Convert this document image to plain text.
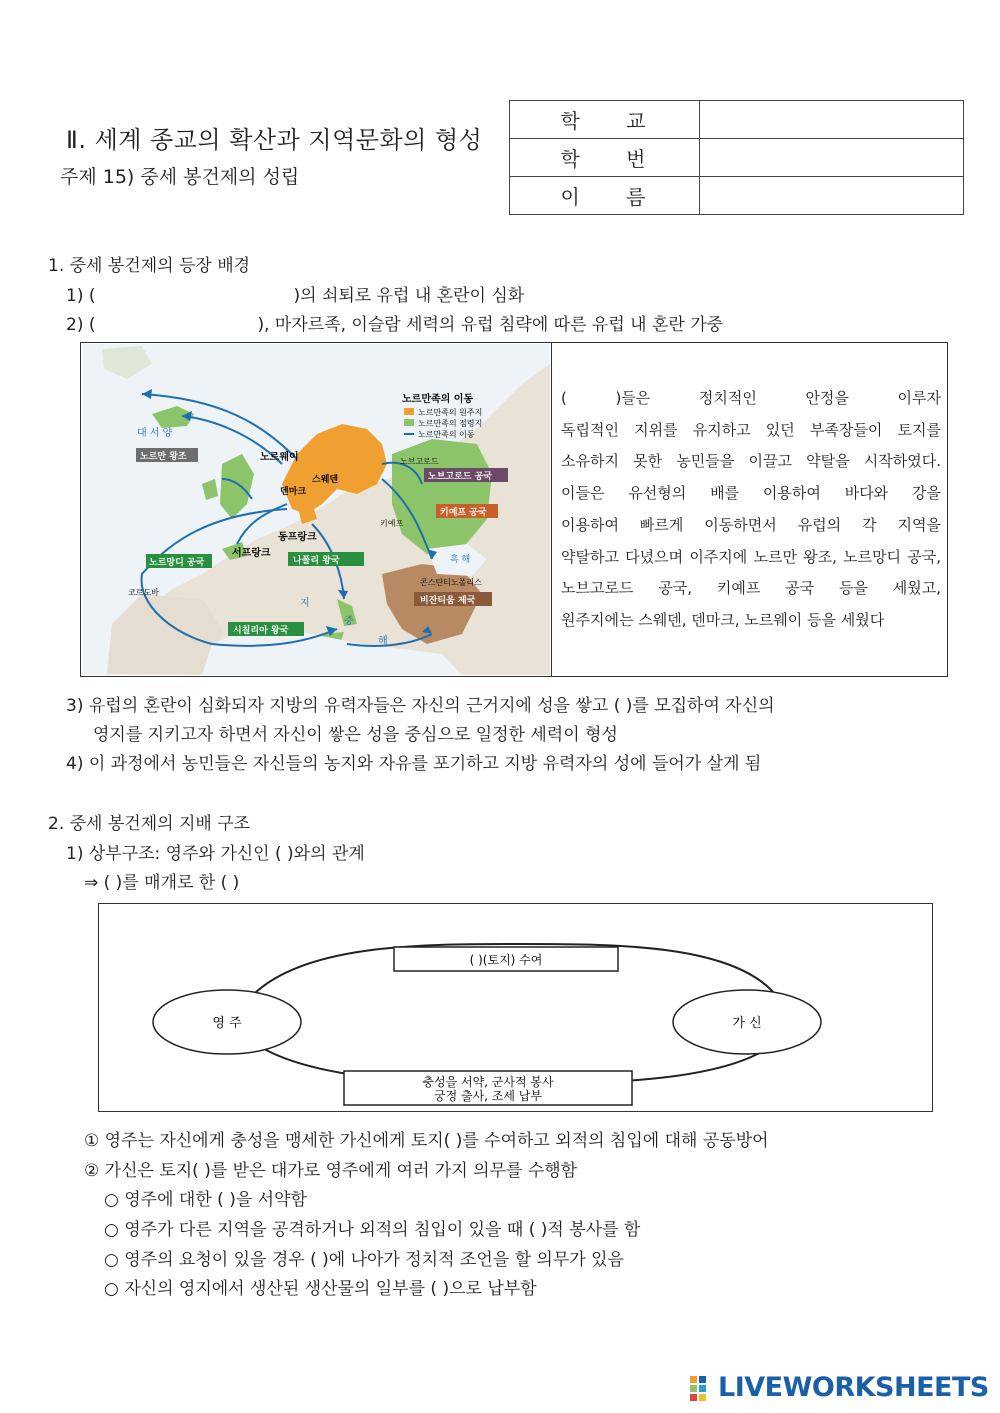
Ⅱ. 세계 종교의 확산과 지역문화의 형성
주제 15) 중세 봉건제의 성립
학 교	
학 번	
이 름	
1. 중세 봉건제의 등장 배경
1) (	)의 쇠퇴로 유럽 내 혼란이 심화
2) (	), 마자르족, 이슬람 세력의 유럽 침략에 따른 유럽 내 혼란 가중
노르만족의 이동
노르만족의 원주지
노르만족의 점령지
노르만족의 이동
대 서 양
노르만 왕조	노르웨이
스웨덴
덴마크
노브고로드
노브고로드 공국
키예프
키예프 공국
동프랑크
서프랑크
노르망디 공국	나폴리 왕국	흑 해
콘스탄티노폴리스
비잔티움 제국
코르도바
시칠리아 왕국
지
중
해
( )들은 정치적인 안정을 이루자
독립적인 지위를 유지하고 있던 부족장들이 토지를
소유하지 못한 농민들을 이끌고 약탈을 시작하였다.
이들은 유선형의 배를 이용하여 바다와 강을
이용하여 빠르게 이동하면서 유럽의 각 지역을
약탈하고 다녔으며 이주지에 노르만 왕조, 노르망디 공국,
노브고로드 공국, 키예프 공국 등을 세웠고,
원주지에는 스웨덴, 덴마크, 노르웨이 등을 세웠다
3) 유럽의 혼란이 심화되자 지방의 유력자들은 자신의 근거지에 성을 쌓고 ( )를 모집하여 자신의
영지를 지키고자 하면서 자신이 쌓은 성을 중심으로 일정한 세력이 형성
4) 이 과정에서 농민들은 자신들의 농지와 자유를 포기하고 지방 유력자의 성에 들어가 살게 됨
2. 중세 봉건제의 지배 구조
1) 상부구조: 영주와 가신인 ( )와의 관계
⇒ ( )를 매개로 한 ( )
영 주	가 신
( )(토지) 수여
충성을 서약, 군사적 봉사
궁정 출사, 조세 납부
① 영주는 자신에게 충성을 맹세한 가신에게 토지( )를 수여하고 외적의 침입에 대해 공동방어
② 가신은 토지( )를 받은 대가로 영주에게 여러 가지 의무를 수행함
○ 영주에 대한 ( )을 서약함
○ 영주가 다른 지역을 공격하거나 외적의 침입이 있을 때 ( )적 봉사를 함
○ 영주의 요청이 있을 경우 ( )에 나아가 정치적 조언을 할 의무가 있음
○ 자신의 영지에서 생산된 생산물의 일부를 ( )으로 납부함
LIVEWORKSHEETS
